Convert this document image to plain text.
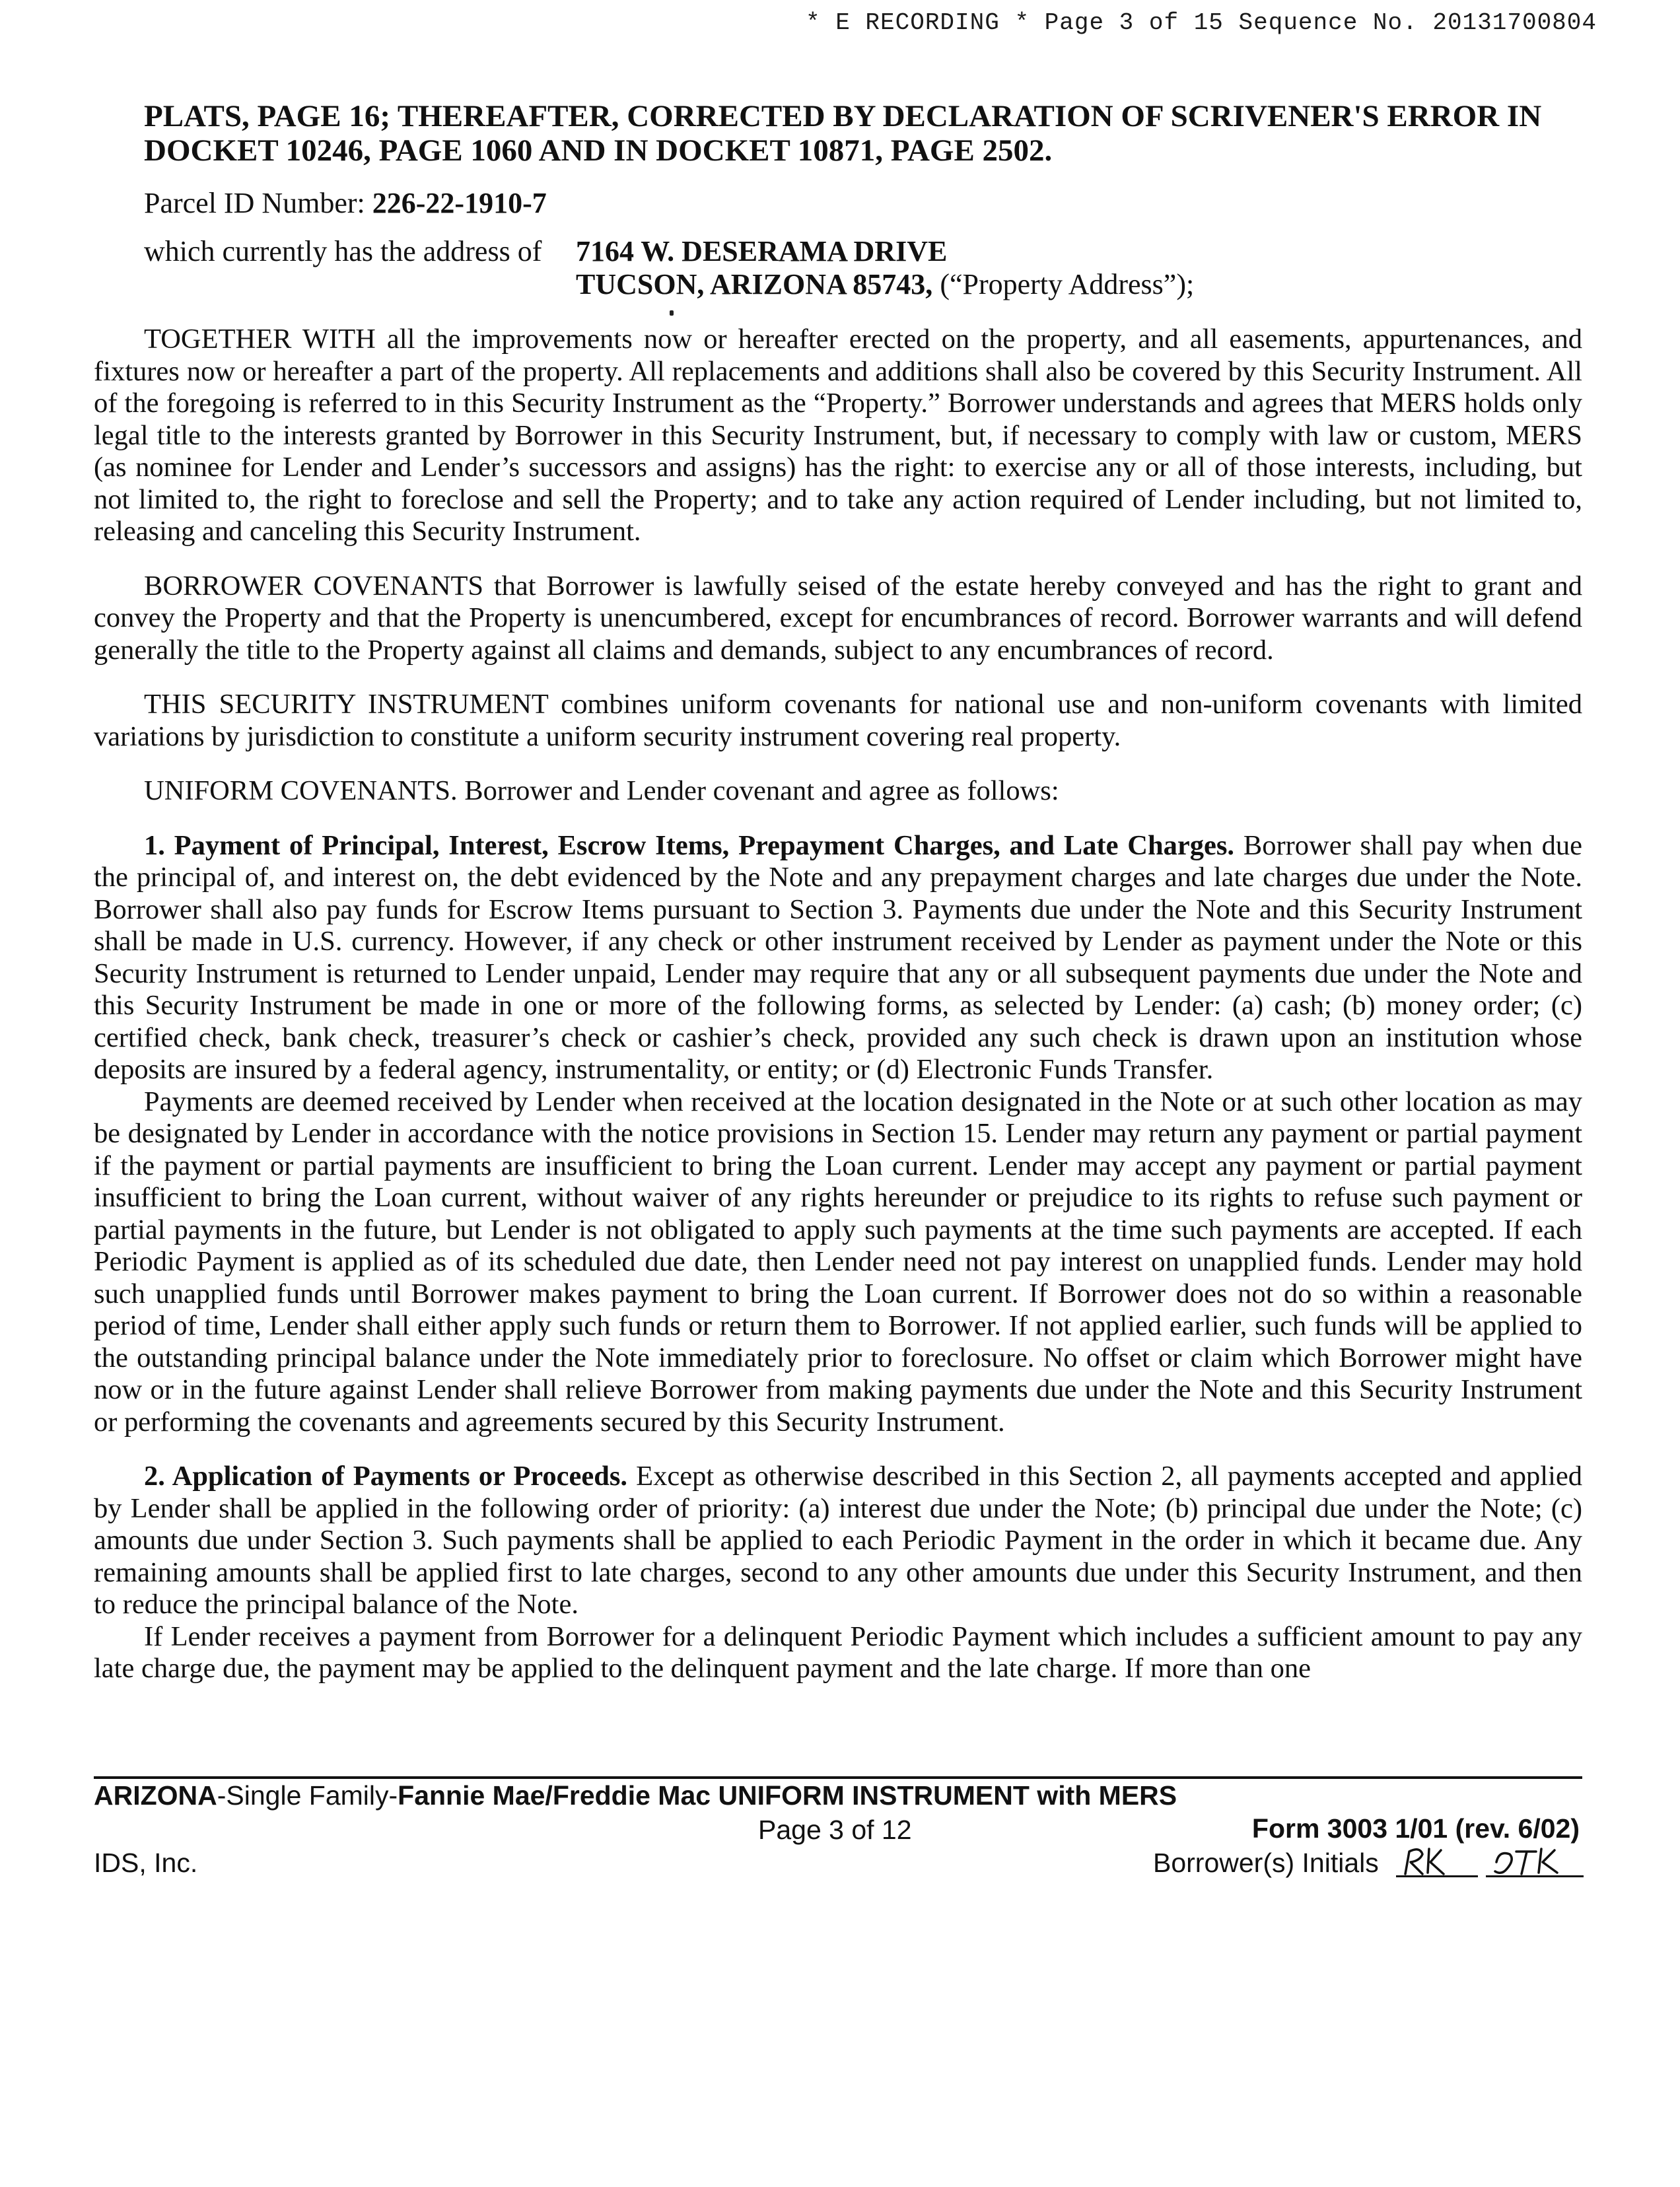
* E RECORDING * Page 3 of 15 Sequence No. 20131700804

PLATS, PAGE 16; THEREAFTER, CORRECTED BY DECLARATION OF SCRIVENER'S ERROR IN DOCKET 10246, PAGE 1060 AND IN DOCKET 10871, PAGE 2502.

Parcel ID Number: 226-22-1910-7

which currently has the address of 7164 W. DESERAMA DRIVE
TUCSON, ARIZONA 85743, (“Property Address”);

TOGETHER WITH all the improvements now or hereafter erected on the property, and all easements, appurtenances, and fixtures now or hereafter a part of the property. All replacements and additions shall also be covered by this Security Instrument. All of the foregoing is referred to in this Security Instrument as the “Property.” Borrower understands and agrees that MERS holds only legal title to the interests granted by Borrower in this Security Instrument, but, if necessary to comply with law or custom, MERS (as nominee for Lender and Lender’s successors and assigns) has the right: to exercise any or all of those interests, including, but not limited to, the right to foreclose and sell the Property; and to take any action required of Lender including, but not limited to, releasing and canceling this Security Instrument.

BORROWER COVENANTS that Borrower is lawfully seised of the estate hereby conveyed and has the right to grant and convey the Property and that the Property is unencumbered, except for encumbrances of record. Borrower warrants and will defend generally the title to the Property against all claims and demands, subject to any encumbrances of record.

THIS SECURITY INSTRUMENT combines uniform covenants for national use and non-uniform covenants with limited variations by jurisdiction to constitute a uniform security instrument covering real property.

UNIFORM COVENANTS. Borrower and Lender covenant and agree as follows:

1. Payment of Principal, Interest, Escrow Items, Prepayment Charges, and Late Charges. Borrower shall pay when due the principal of, and interest on, the debt evidenced by the Note and any prepayment charges and late charges due under the Note. Borrower shall also pay funds for Escrow Items pursuant to Section 3. Payments due under the Note and this Security Instrument shall be made in U.S. currency. However, if any check or other instrument received by Lender as payment under the Note or this Security Instrument is returned to Lender unpaid, Lender may require that any or all subsequent payments due under the Note and this Security Instrument be made in one or more of the following forms, as selected by Lender: (a) cash; (b) money order; (c) certified check, bank check, treasurer’s check or cashier’s check, provided any such check is drawn upon an institution whose deposits are insured by a federal agency, instrumentality, or entity; or (d) Electronic Funds Transfer.

Payments are deemed received by Lender when received at the location designated in the Note or at such other location as may be designated by Lender in accordance with the notice provisions in Section 15. Lender may return any payment or partial payment if the payment or partial payments are insufficient to bring the Loan current. Lender may accept any payment or partial payment insufficient to bring the Loan current, without waiver of any rights hereunder or prejudice to its rights to refuse such payment or partial payments in the future, but Lender is not obligated to apply such payments at the time such payments are accepted. If each Periodic Payment is applied as of its scheduled due date, then Lender need not pay interest on unapplied funds. Lender may hold such unapplied funds until Borrower makes payment to bring the Loan current. If Borrower does not do so within a reasonable period of time, Lender shall either apply such funds or return them to Borrower. If not applied earlier, such funds will be applied to the outstanding principal balance under the Note immediately prior to foreclosure. No offset or claim which Borrower might have now or in the future against Lender shall relieve Borrower from making payments due under the Note and this Security Instrument or performing the covenants and agreements secured by this Security Instrument.

2. Application of Payments or Proceeds. Except as otherwise described in this Section 2, all payments accepted and applied by Lender shall be applied in the following order of priority: (a) interest due under the Note; (b) principal due under the Note; (c) amounts due under Section 3. Such payments shall be applied to each Periodic Payment in the order in which it became due. Any remaining amounts shall be applied first to late charges, second to any other amounts due under this Security Instrument, and then to reduce the principal balance of the Note.

If Lender receives a payment from Borrower for a delinquent Periodic Payment which includes a sufficient amount to pay any late charge due, the payment may be applied to the delinquent payment and the late charge. If more than one

ARIZONA-Single Family-Fannie Mae/Freddie Mac UNIFORM INSTRUMENT with MERS
Page 3 of 12	Form 3003 1/01 (rev. 6/02)
IDS, Inc.	Borrower(s) Initials
